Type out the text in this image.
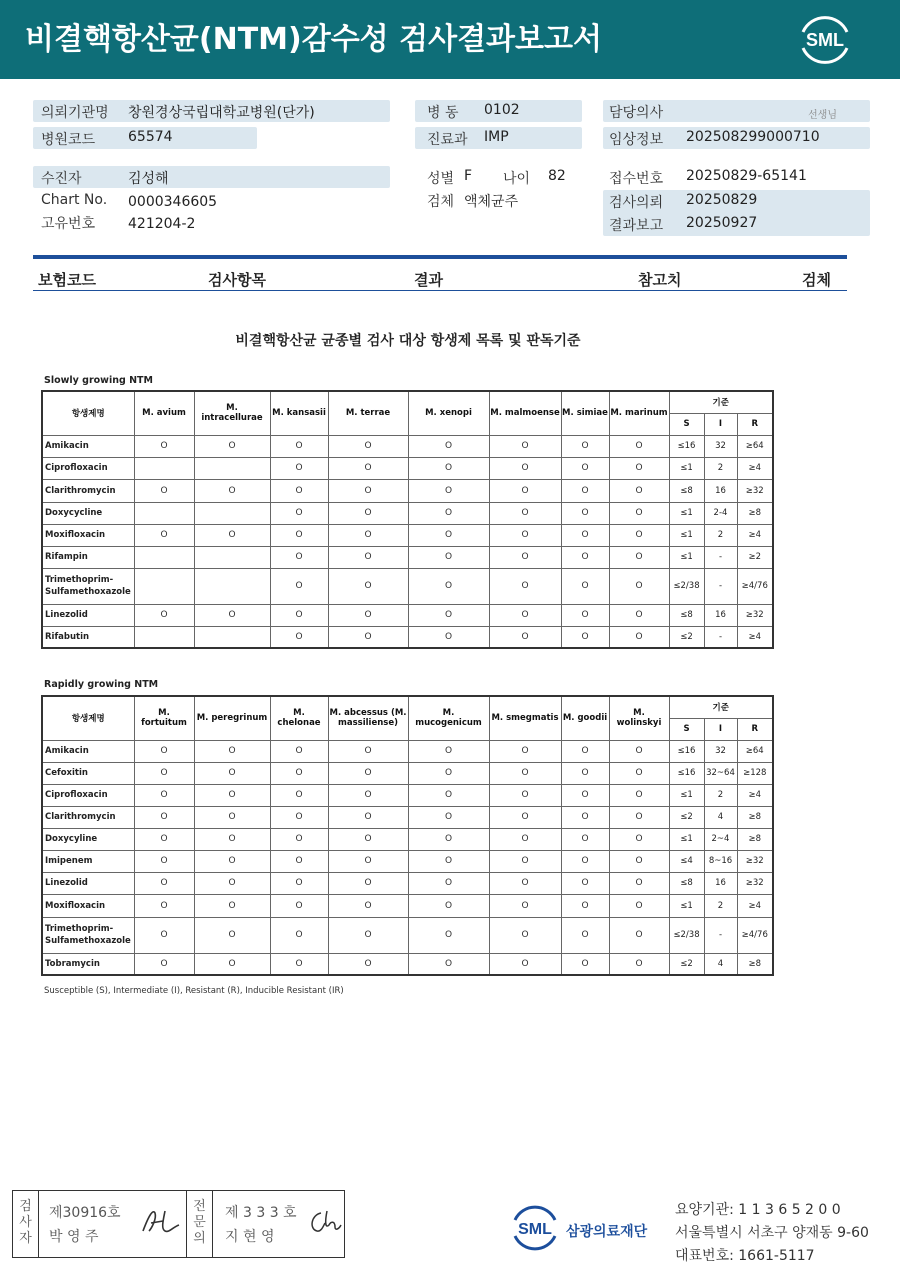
비결핵항산균(NTM)감수성 검사결과보고서	SML
의뢰기관명 창원경상국립대학교병원(단가)
병원코드 65574
병 동 0102
진료과 IMP
담당의사	선생님
임상정보 202508299000710
수진자	김성해
Chart No. 0000346605
고유번호 421204-2
성별 F 나이 82
검체 액체균주
접수번호 20250829-65141
검사의뢰 20250829
결과보고 20250927
보험코드	검사항목	결과	참고치	검체
비결핵항산균 균종별 검사 대상 항생제 목록 및 판독기준
Slowly growing NTM
항생제명	M. avium	M. intracellurae	M. kansasii	M. terrae	M. xenopi	M. malmoense	M. simiae	M. marinum	기준		
									S	I	R
Amikacin	O	O	O	O	O	O	O	O	≤16	32	≥64
Ciprofloxacin			O	O	O	O	O	O	≤1	2	≥4
Clarithromycin	O	O	O	O	O	O	O	O	≤8	16	≥32
Doxycycline			O	O	O	O	O	O	≤1	2-4	≥8
Moxifloxacin	O	O	O	O	O	O	O	O	≤1	2	≥4
Rifampin			O	O	O	O	O	O	≤1	-	≥2
Trimethoprim-Sulfamethoxazole			O	O	O	O	O	O	≤2/38	-	≥4/76
Linezolid	O	O	O	O	O	O	O	O	≤8	16	≥32
Rifabutin			O	O	O	O	O	O	≤2	-	≥4
Rapidly growing NTM
항생제명	M. fortuitum	M. peregrinum	M. chelonae	M. abcessus (M. massiliense)	M. mucogenicum	M. smegmatis	M. goodii	M. wolinskyi	기준		
									S	I	R
Amikacin	O	O	O	O	O	O	O	O	≤16	32	≥64
Cefoxitin	O	O	O	O	O	O	O	O	≤16	32~64	≥128
Ciprofloxacin	O	O	O	O	O	O	O	O	≤1	2	≥4
Clarithromycin	O	O	O	O	O	O	O	O	≤2	4	≥8
Doxycyline	O	O	O	O	O	O	O	O	≤1	2~4	≥8
Imipenem	O	O	O	O	O	O	O	O	≤4	8~16	≥32
Linezolid	O	O	O	O	O	O	O	O	≤8	16	≥32
Moxifloxacin	O	O	O	O	O	O	O	O	≤1	2	≥4
Trimethoprim-Sulfamethoxazole	O	O	O	O	O	O	O	O	≤2/38	-	≥4/76
Tobramycin	O	O	O	O	O	O	O	O	≤2	4	≥8
Susceptible (S), Intermediate (I), Resistant (R), Inducible Resistant (IR)
검
사
자
제30916호
박 영 주
전
문
의
제 3 3 3 호
지 현 영	SML 삼광의료재단
요양기관: 1 1 3 6 5 2 0 0
서울특별시 서초구 양재동 9-60
대표번호: 1661-5117
